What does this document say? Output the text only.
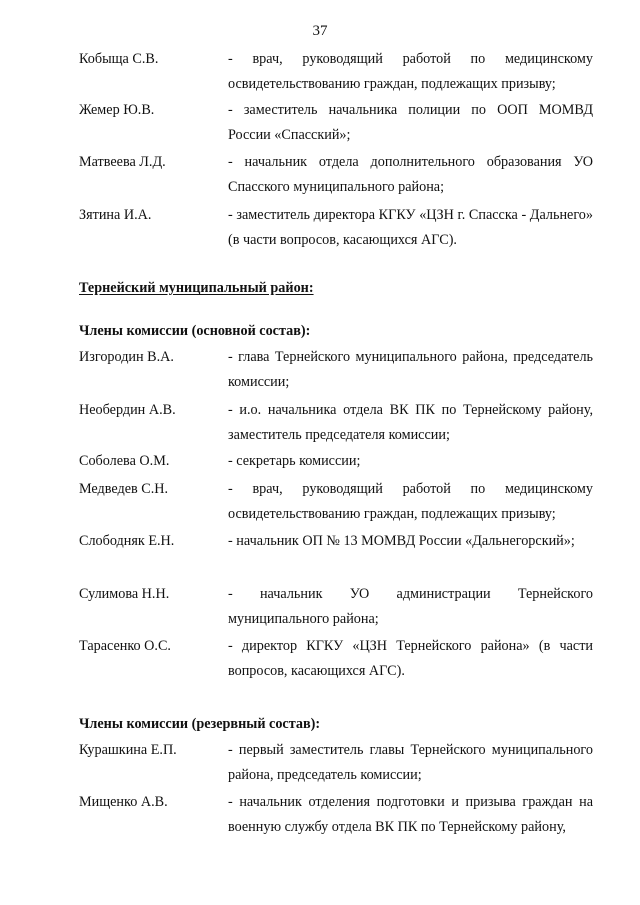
37
Кобыща С.В.	- врач, руководящий работой по медицинскому освидетельствованию граждан, подлежащих призыву;
Жемер Ю.В.	- заместитель начальника полиции по ООП МОМВД России «Спасский»;
Матвеева Л.Д.	- начальник отдела дополнительного образования УО Спасского муниципального района;
Зятина И.А.	- заместитель директора КГКУ «ЦЗН г. Спасска - Дальнего» (в части вопросов, касающихся АГС).
Тернейский муниципальный район:
Члены комиссии (основной состав):
Изгородин В.А.	- глава Тернейского муниципального района, председатель комиссии;
Необердин А.В.	- и.о. начальника отдела ВК ПК по Тернейскому району, заместитель председателя комиссии;
Соболева О.М.	- секретарь комиссии;
Медведев С.Н.	- врач, руководящий работой по медицинскому освидетельствованию граждан, подлежащих призыву;
Слободняк Е.Н.	- начальник ОП № 13 МОМВД России «Дальнегорский»;
Сулимова Н.Н.	- начальник УО администрации Тернейского муниципального района;
Тарасенко О.С.	- директор КГКУ «ЦЗН Тернейского района» (в части вопросов, касающихся АГС).
Члены комиссии (резервный состав):
Курашкина Е.П.	- первый заместитель главы Тернейского муниципального района, председатель комиссии;
Мищенко А.В.	- начальник отделения подготовки и призыва граждан на военную службу отдела ВК ПК по Тернейскому району,
